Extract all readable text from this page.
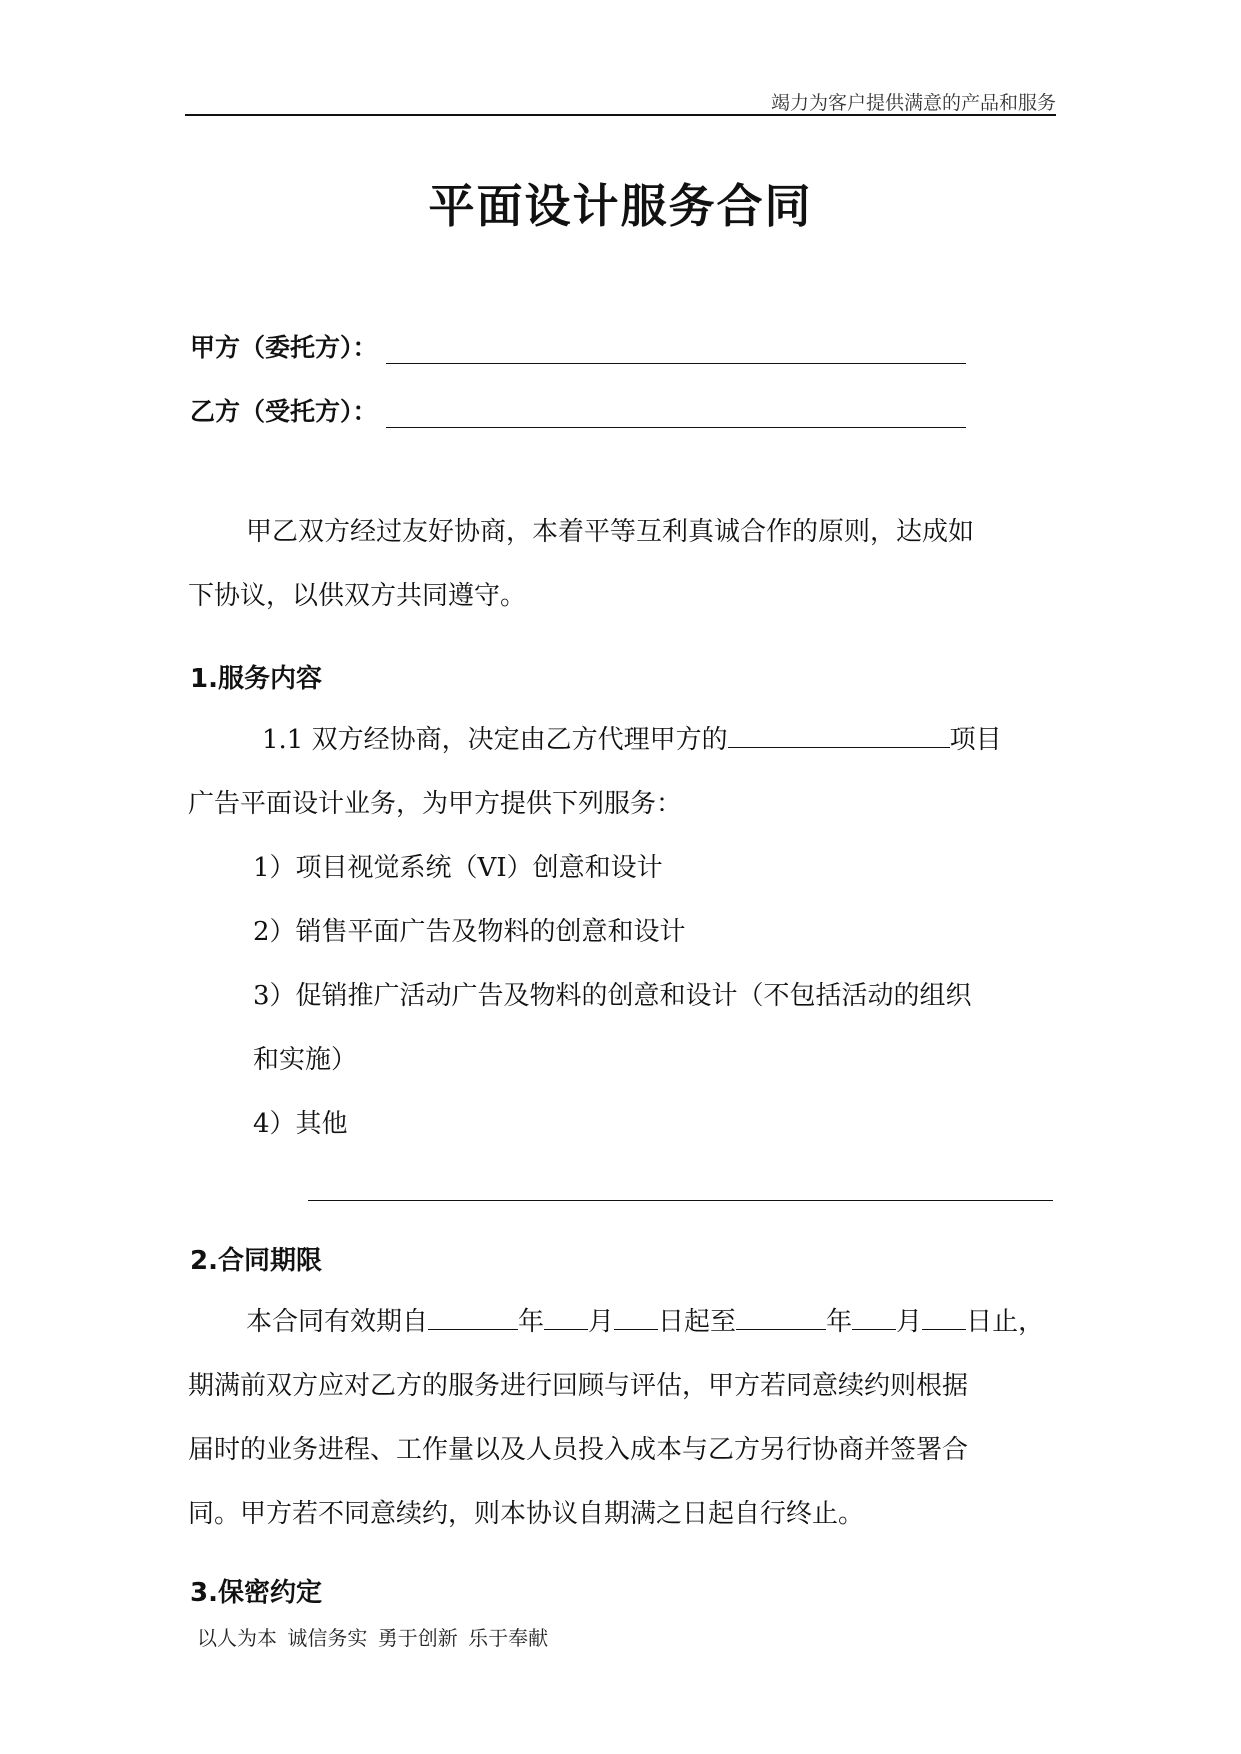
竭力为客户提供满意的产品和服务
平面设计服务合同
甲方（委托方）：
乙方（受托方）：
甲乙双方经过友好协商，本着平等互利真诚合作的原则，达成如
下协议，以供双方共同遵守。
1.服务内容
1.1 双方经协商，决定由乙方代理甲方的	项目
广告平面设计业务，为甲方提供下列服务：
1）项目视觉系统（VI）创意和设计
2）销售平面广告及物料的创意和设计
3）促销推广活动广告及物料的创意和设计（不包括活动的组织
和实施）
4）其他
2.合同期限
本合同有效期自	年 月 日起至	年 月 日止，
期满前双方应对乙方的服务进行回顾与评估，甲方若同意续约则根据
届时的业务进程、工作量以及人员投入成本与乙方另行协商并签署合
同。甲方若不同意续约，则本协议自期满之日起自行终止。
3.保密约定
以人为本 诚信务实 勇于创新 乐于奉献
